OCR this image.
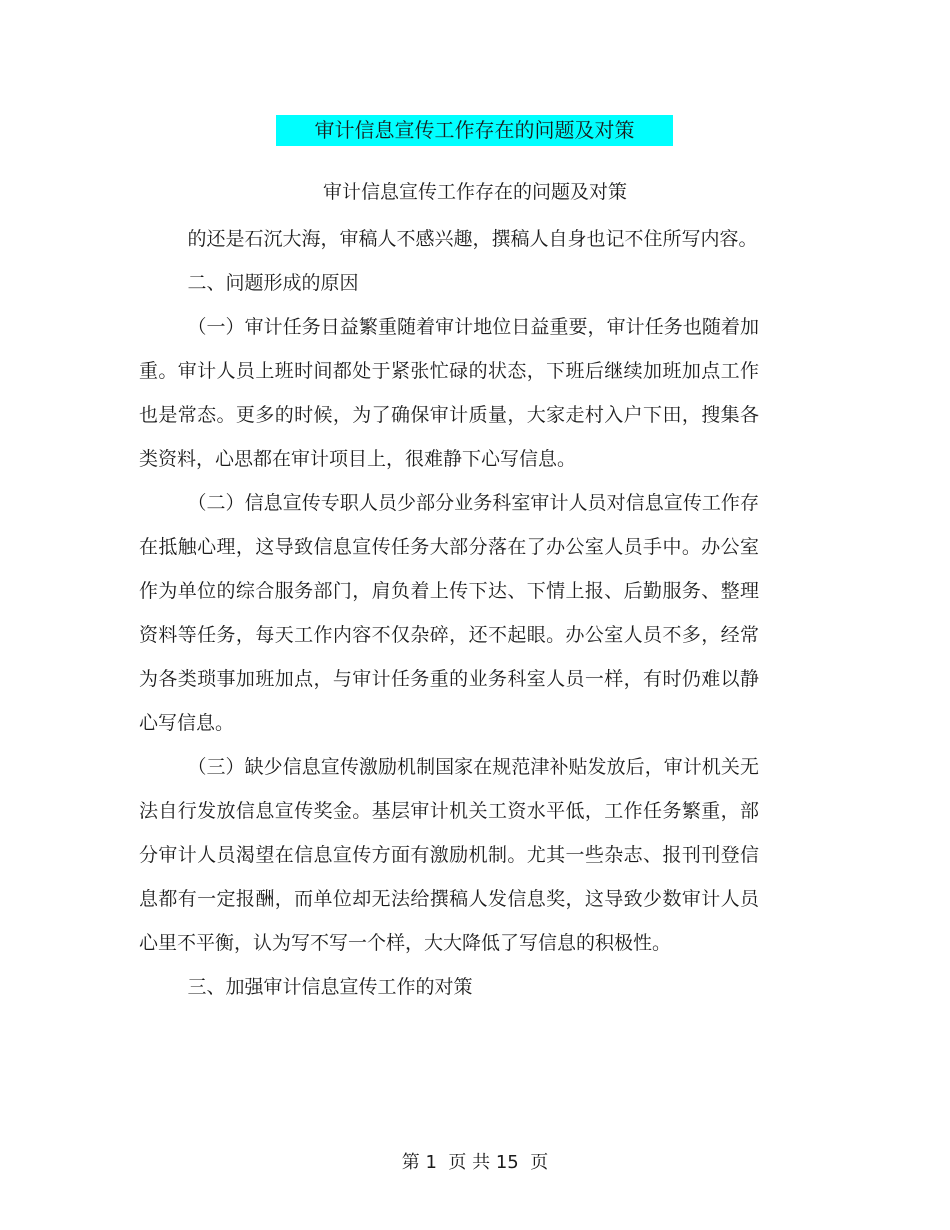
审计信息宣传工作存在的问题及对策
审计信息宣传工作存在的问题及对策

的还是石沉大海，审稿人不感兴趣，撰稿人自身也记不住所写内容。

二、问题形成的原因

（一）审计任务日益繁重随着审计地位日益重要，审计任务也随着加重。审计人员上班时间都处于紧张忙碌的状态，下班后继续加班加点工作也是常态。更多的时候，为了确保审计质量，大家走村入户下田，搜集各类资料，心思都在审计项目上，很难静下心写信息。

（二）信息宣传专职人员少部分业务科室审计人员对信息宣传工作存在抵触心理，这导致信息宣传任务大部分落在了办公室人员手中。办公室作为单位的综合服务部门，肩负着上传下达、下情上报、后勤服务、整理资料等任务，每天工作内容不仅杂碎，还不起眼。办公室人员不多，经常为各类琐事加班加点，与审计任务重的业务科室人员一样，有时仍难以静心写信息。

（三）缺少信息宣传激励机制国家在规范津补贴发放后，审计机关无法自行发放信息宣传奖金。基层审计机关工资水平低，工作任务繁重，部分审计人员渴望在信息宣传方面有激励机制。尤其一些杂志、报刊刊登信息都有一定报酬，而单位却无法给撰稿人发信息奖，这导致少数审计人员心里不平衡，认为写不写一个样，大大降低了写信息的积极性。

三、加强审计信息宣传工作的对策

第 1  页 共 15  页
